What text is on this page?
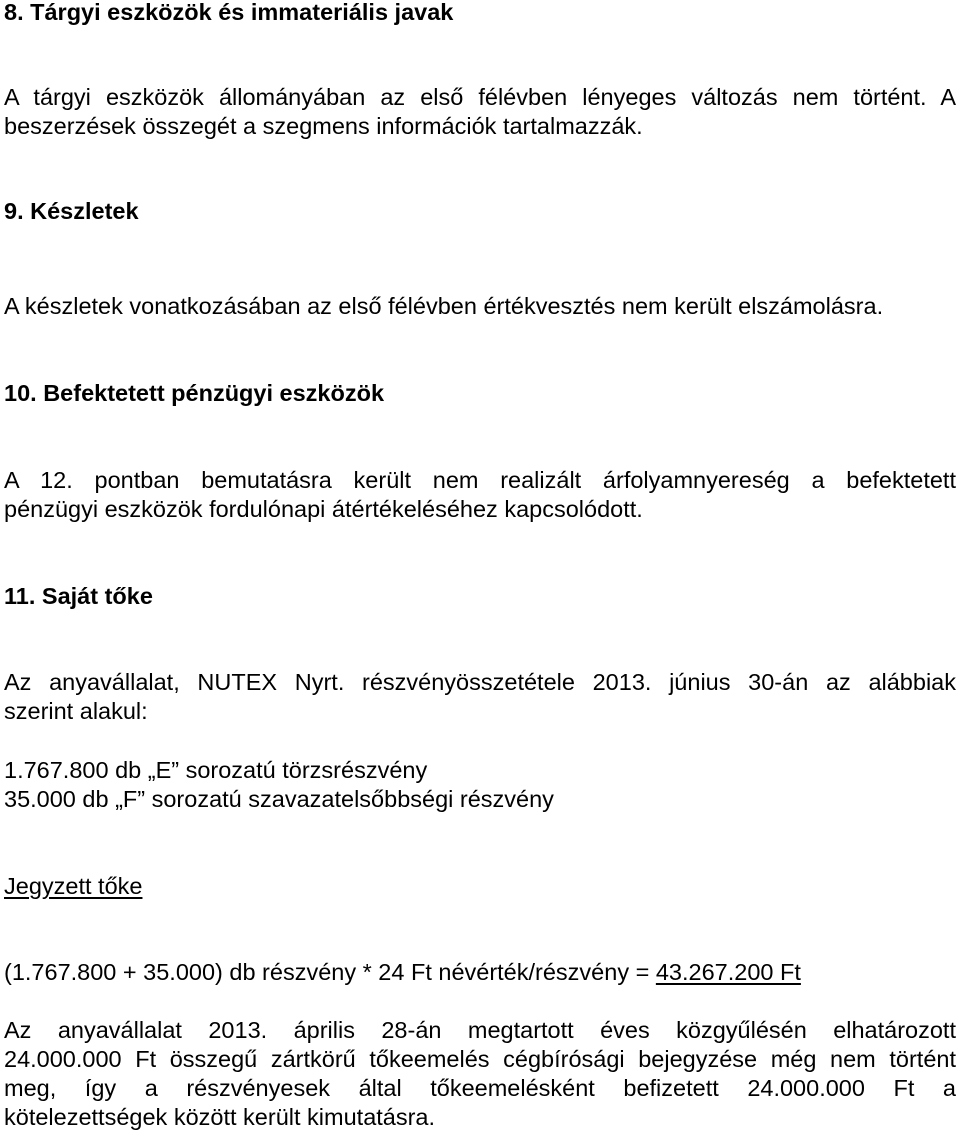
8. Tárgyi eszközök és immateriális javak

A tárgyi eszközök állományában az első félévben lényeges változás nem történt. A
beszerzések összegét a szegmens információk tartalmazzák.

9. Készletek

A készletek vonatkozásában az első félévben értékvesztés nem került elszámolásra.

10. Befektetett pénzügyi eszközök

A 12. pontban bemutatásra került nem realizált árfolyamnyereség a befektetett
pénzügyi eszközök fordulónapi átértékeléséhez kapcsolódott.

11. Saját tőke

Az anyavállalat, NUTEX Nyrt. részvényösszetétele 2013. június 30-án az alábbiak
szerint alakul:

1.767.800 db „E” sorozatú törzsrészvény
35.000 db „F” sorozatú szavazatelsőbbségi részvény
Jegyzett tőke
(1.767.800 + 35.000) db részvény * 24 Ft névérték/részvény = 43.267.200 Ft

Az anyavállalat 2013. április 28-án megtartott éves közgyűlésén elhatározott
24.000.000 Ft összegű zártkörű tőkeemelés cégbírósági bejegyzése még nem történt
meg, így a részvényesek által tőkeemelésként befizetett 24.000.000 Ft a
kötelezettségek között került kimutatásra.
